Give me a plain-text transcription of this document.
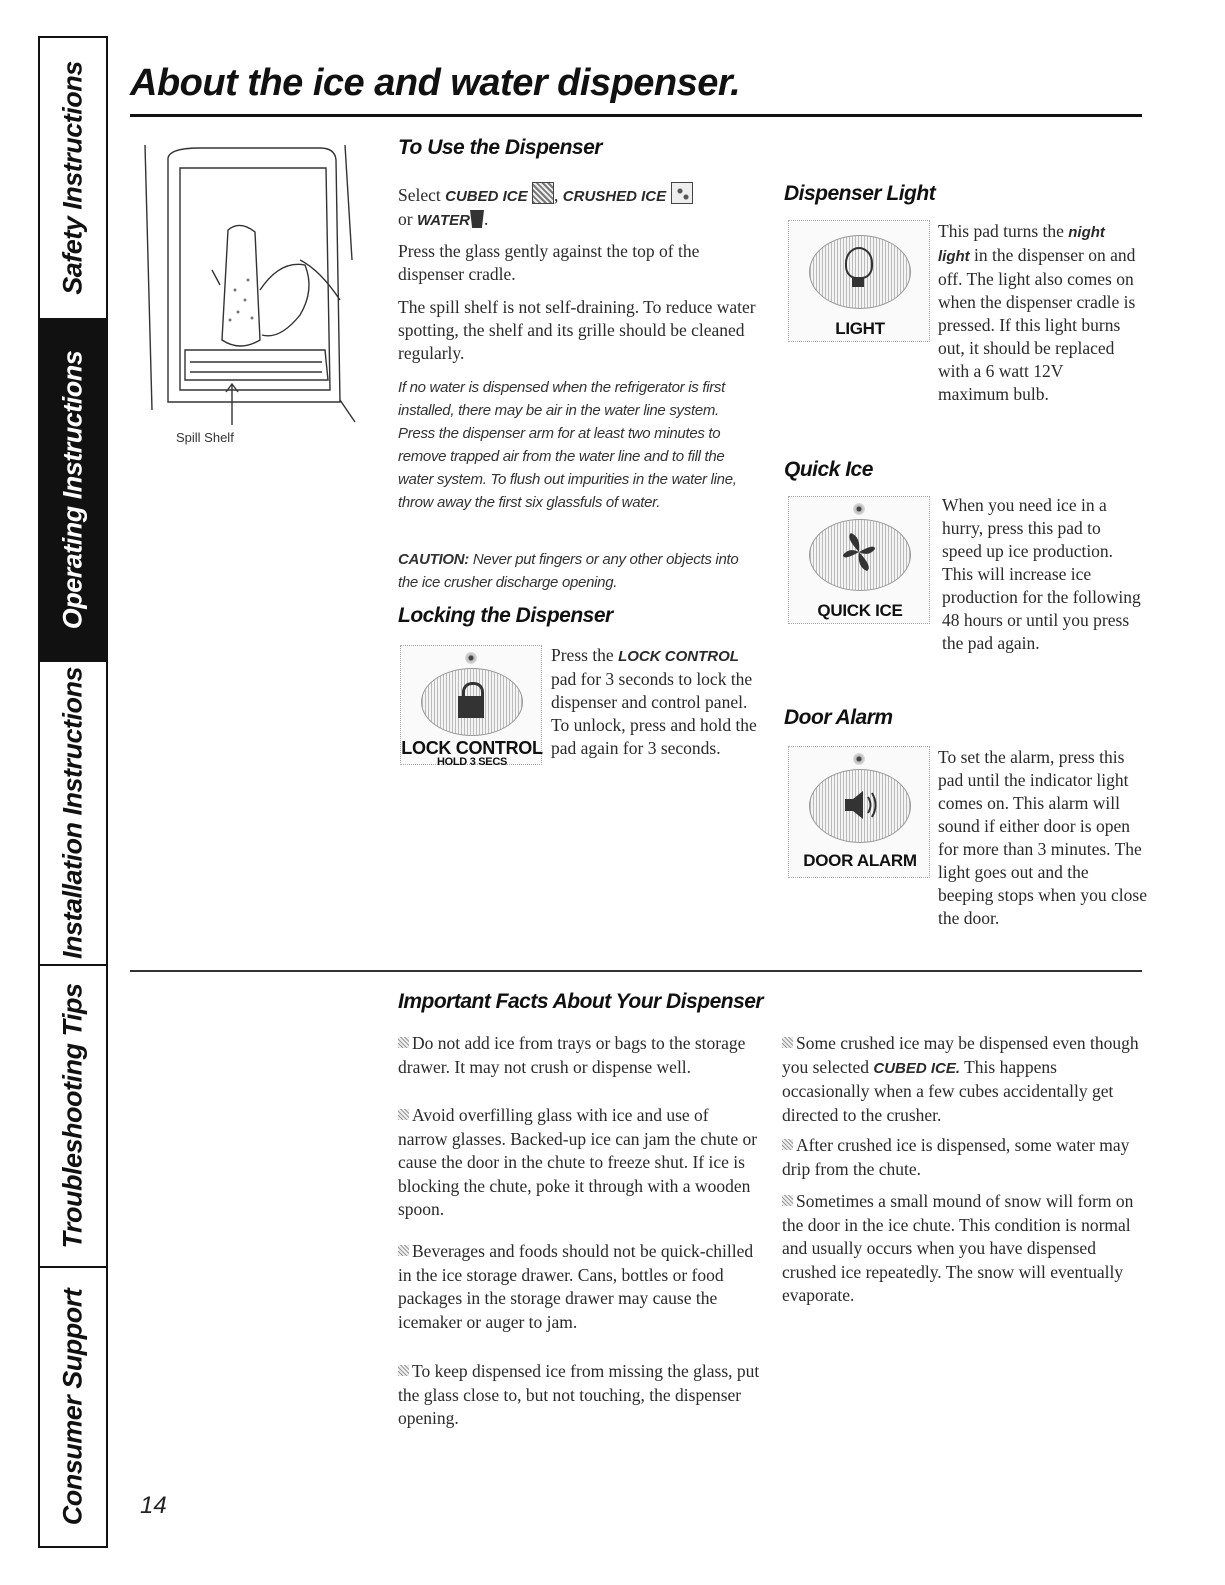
Safety Instructions
Operating Instructions
Installation Instructions
Troubleshooting Tips
Consumer Support
About the ice and water dispenser.
Spill Shelf
To Use the Dispenser
Select CUBED ICE , CRUSHED ICE
or WATER .

Press the glass gently against the top of the dispenser cradle.

The spill shelf is not self-draining. To reduce water spotting, the shelf and its grille should be cleaned regularly.

If no water is dispensed when the refrigerator is first installed, there may be air in the water line system. Press the dispenser arm for at least two minutes to remove trapped air from the water line and to fill the water system. To flush out impurities in the water line, throw away the first six glassfuls of water.

CAUTION: Never put fingers or any other objects into the ice crusher discharge opening.

Locking the Dispenser
LOCK CONTROL
HOLD 3 SECS

Press the LOCK CONTROL pad for 3 seconds to lock the dispenser and control panel. To unlock, press and hold the pad again for 3 seconds.

Dispenser Light
LIGHT

This pad turns the night light in the dispenser on and off. The light also comes on when the dispenser cradle is pressed. If this light burns out, it should be replaced with a 6 watt 12V maximum bulb.

Quick Ice
QUICK ICE

When you need ice in a hurry, press this pad to speed up ice production. This will increase ice production for the following 48 hours or until you press the pad again.

Door Alarm
DOOR ALARM

To set the alarm, press this pad until the indicator light comes on. This alarm will sound if either door is open for more than 3 minutes. The light goes out and the beeping stops when you close the door.

Important Facts About Your Dispenser
Do not add ice from trays or bags to the storage drawer. It may not crush or dispense well.
Avoid overfilling glass with ice and use of narrow glasses. Backed-up ice can jam the chute or cause the door in the chute to freeze shut. If ice is blocking the chute, poke it through with a wooden spoon.
Beverages and foods should not be quick-chilled in the ice storage drawer. Cans, bottles or food packages in the storage drawer may cause the icemaker or auger to jam.
To keep dispensed ice from missing the glass, put the glass close to, but not touching, the dispenser opening.
Some crushed ice may be dispensed even though you selected CUBED ICE. This happens occasionally when a few cubes accidentally get directed to the crusher.
After crushed ice is dispensed, some water may drip from the chute.
Sometimes a small mound of snow will form on the door in the ice chute. This condition is normal and usually occurs when you have dispensed crushed ice repeatedly. The snow will eventually evaporate.
14
